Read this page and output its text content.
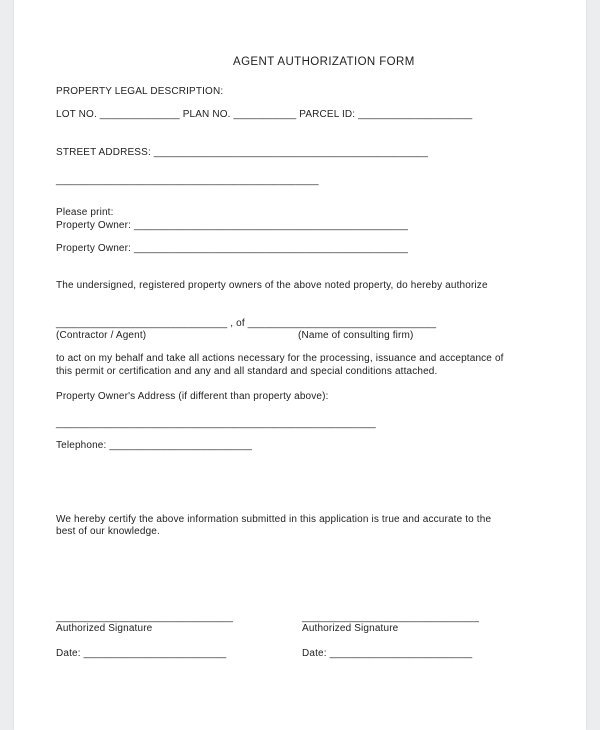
AGENT AUTHORIZATION FORM
PROPERTY LEGAL DESCRIPTION:
LOT NO. ______________ PLAN NO. ___________ PARCEL ID: ____________________
STREET ADDRESS: ________________________________________________
______________________________________________
Please print:
Property Owner: ________________________________________________
Property Owner: ________________________________________________
The undersigned, registered property owners of the above noted property, do hereby authorize
______________________________ , of _________________________________
(Contractor / Agent)	(Name of consulting firm)
to act on my behalf and take all actions necessary for the processing, issuance and acceptance of
this permit or certification and any and all standard and special conditions attached.
Property Owner's Address (if different than property above):
________________________________________________________
Telephone: _________________________
We hereby certify the above information submitted in this application is true and accurate to the
best of our knowledge.
_______________________________	_______________________________
Authorized Signature	Authorized Signature
Date: _________________________	Date: _________________________
